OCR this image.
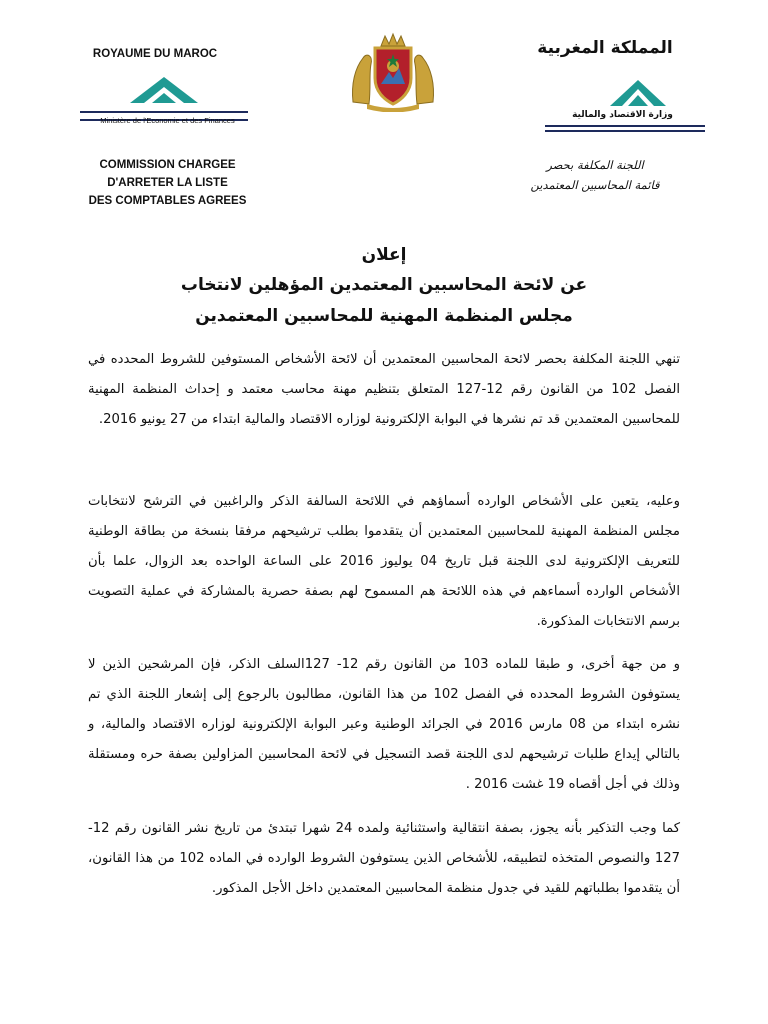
ROYAUME DU MAROC
Ministère de l'Economie et des Finances
COMMISSION CHARGEE
D'ARRETER LA LISTE
DES COMPTABLES AGREES
المملكة المغربية
وزارة الاقتصاد والمالية
اللجنة المكلفة بحصر
قائمة المحاسبين المعتمدين
إعلان
عن لائحة المحاسبين المعتمدين المؤهلين لانتخاب
مجلس المنظمة المهنية للمحاسبين المعتمدين
تنهي اللجنة المكلفة بحصر لائحة المحاسبين المعتمدين أن لائحة الأشخاص المستوفين للشروط المحدده في الفصل 102 من القانون رقم 12-127 المتعلق بتنظيم مهنة محاسب معتمد و إحداث المنظمة المهنية للمحاسبين المعتمدين قد تم نشرها في البوابة الإلكترونية لوزاره الاقتصاد والمالية ابتداء من 27 يونيو 2016.
وعليه، يتعين على الأشخاص الوارده أسماؤهم في اللائحة السالفة الذكر والراغبين في الترشح لانتخابات مجلس المنظمة المهنية للمحاسبين المعتمدين أن يتقدموا بطلب ترشيحهم مرفقا بنسخة من بطاقة الوطنية للتعريف الإلكترونية لدى اللجنة قبل تاريخ 04 يوليوز 2016 على الساعة الواحده بعد الزوال، علما بأن الأشخاص الوارده أسماءهم في هذه اللائحة هم المسموح لهم بصفة حصرية بالمشاركة في عملية التصويت برسم الانتخابات المذكورة.
و من جهة أخرى، و طبقا للماده 103 من القانون رقم 12- 127السلف الذكر، فإن المرشحين الذين لا يستوفون الشروط المحدده في الفصل 102 من هذا القانون، مطالبون بالرجوع إلى إشعار اللجنة الذي تم نشره ابتداء من 08 مارس 2016 في الجرائد الوطنية وعبر البوابة الإلكترونية لوزاره الاقتصاد والمالية، و بالتالي إيداع طلبات ترشيحهم لدى اللجنة قصد التسجيل في لائحة المحاسبين المزاولين بصفة حره ومستقلة وذلك في أجل أقصاه 19 غشت 2016 .
كما وجب التذكير بأنه يجوز، بصفة انتقالية واستثنائية ولمده 24 شهرا تبتدئ من تاريخ نشر القانون رقم 12- 127 والنصوص المتخذه لتطبيقه، للأشخاص الذين يستوفون الشروط الوارده في الماده 102 من هذا القانون، أن يتقدموا بطلباتهم للقيد في جدول منظمة المحاسبين المعتمدين داخل الأجل المذكور.
